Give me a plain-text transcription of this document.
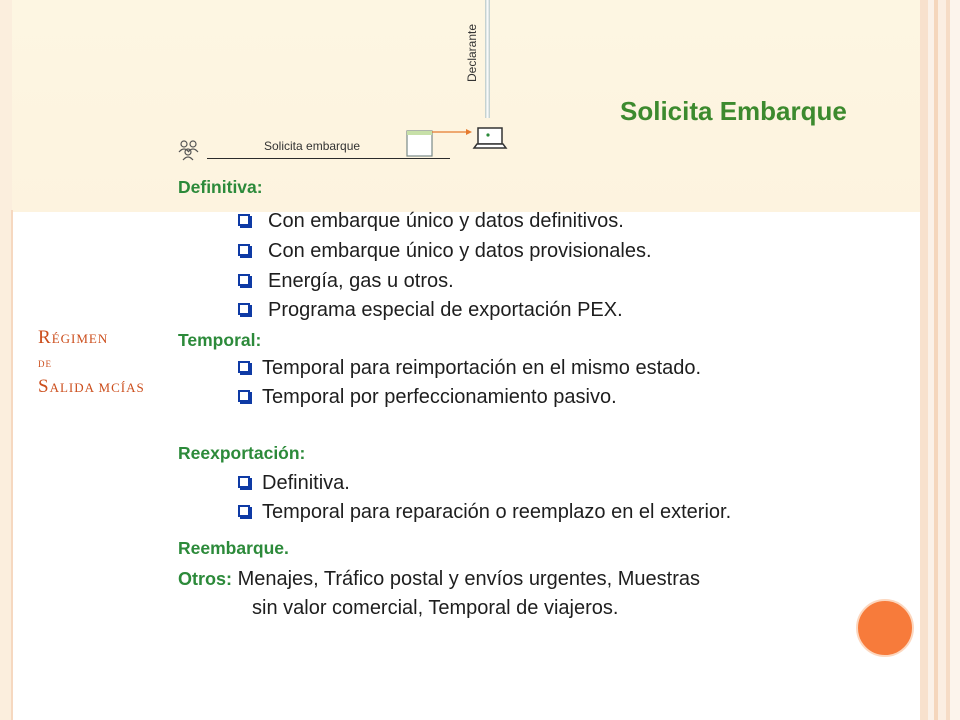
RÉGIMEN
de
SALIDA MCÍAS
Declarante
Solicita Embarque
Solicita embarque
Definitiva:
Con embarque único y datos definitivos.
Con embarque único y datos provisionales.
Energía, gas u otros.
Programa especial de exportación PEX.
Temporal:
Temporal para reimportación en el mismo estado.
Temporal por perfeccionamiento pasivo.
Reexportación:
Definitiva.
Temporal para reparación o reemplazo en el exterior.
Reembarque.
Otros: Menajes, Tráfico postal y envíos urgentes, Muestras
sin valor comercial, Temporal de viajeros.
